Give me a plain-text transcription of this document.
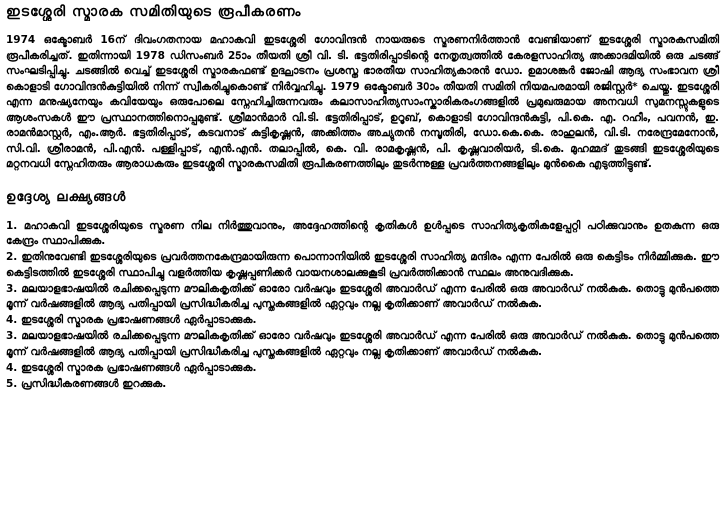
ഇടശ്ശേരി സ്മാരക സമിതിയുടെ രൂപീകരണം

1974 ഒക്ടോബർ 16ന് ദിവംഗതനായ മഹാകവി ഇടശ്ശേരി ഗോവിന്ദൻ നായരുടെ സ്മരണനിർത്താൻ വേണ്ടിയാണ് ഇടശ്ശേരി സ്മാരകസമിതി രൂപീകരിച്ചത്. ഇതിന്നായി 1978 ഡിസംബർ 25ാം തീയതി ശ്രീ വി. ടി. ഭട്ടതിരിപ്പാടിന്റെ നേതൃത്വത്തിൽ കേരളസാഹിത്യ അക്കാദമിയിൽ ഒരു ചടങ്ങ് സംഘടിപ്പിച്ചു. ചടങ്ങിൽ വെച്ച് ഇടശ്ശേരി സ്മാരകഫണ്ട് ഉദ്ഘാടനം പ്രശസ്ത ഭാരതീയ സാഹിത്യകാരൻ ഡോ. ഉമാശങ്കർ ജോഷി ആദ്യ സംഭാവന ശ്രീ കൊളാടി ഗോവിന്ദൻകുട്ടിയിൽ നിന്ന് സ്വീകരിച്ചുകൊണ്ട് നിർവ്വഹിച്ചു. 1979 ഒക്ടോബർ 30ാം തീയതി സമിതി നിയമപരമായി രജിസ്റ്റർ* ചെയ്തു. ഇടശ്ശേരി എന്ന മനുഷ്യനേയും കവിയേയും ഒരുപോലെ സ്നേഹിച്ചിരുന്നവരും കലാസാഹിത്യസാംസ്കാരികരംഗങ്ങളിൽ പ്രമുഖരുമായ അനവധി സുമനസ്സുകളുടെ ആശംസകൾ ഈ പ്രസ്ഥാനത്തിനൊപ്പമുണ്ട്. ശ്രീമാൻമാർ വി.ടി. ഭട്ടതിരിപ്പാട്, ഉറൂബ്, കൊളാടി ഗോവിന്ദൻകുട്ടി, പി.കെ. എ. റഹീം, പവനൻ, ഇ. രാമൻമാസ്റ്റർ, എം.ആർ. ഭട്ടതിരിപ്പാട്, കടവനാട് കുട്ടികൃഷ്ണൻ, അക്കിത്തം അച്യുതൻ നമ്പൂതിരി, ഡോ.കെ.കെ. രാഹുലൻ, വി.ടി. നരേന്ദ്രമേനോൻ, സി.വി. ശ്രീരാമൻ, പി.എൻ. പള്ളിപ്പാട്, എൻ.എൻ. തലാപ്പിൽ, കെ. വി. രാമകൃഷ്ണൻ, പി. കൃഷ്ണവാരിയർ, ടി.കെ. മുഹമ്മദ് തുടങ്ങി ഇടശ്ശേരിയുടെ മറ്റനവധി സ്നേഹിതരും ആരാധകരും ഇടശ്ശേരി സ്മാരകസമിതി രൂപീകരണത്തിലും തുടർന്നുള്ള പ്രവർത്തനങ്ങളിലും മുൻകൈ എടുത്തിട്ടുണ്ട്.

ഉദ്ദേശ്യ ലക്ഷ്യങ്ങൾ
1. മഹാകവി ഇടശ്ശേരിയുടെ സ്മരണ നില നിർത്തുവാനും, അദ്ദേഹത്തിന്റെ കൃതികൾ ഉൾപ്പടെ സാഹിത്യകൃതികളേപ്പറ്റി പഠിക്കുവാനും ഉതകുന്ന ഒരു കേന്ദ്രം സ്ഥാപിക്കുക.
2. ഇതിനുവേണ്ടി ഇടശ്ശേരിയുടെ പ്രവർത്തനകേന്ദ്രമായിരുന്ന പൊന്നാനിയിൽ ഇടശ്ശേരി സാഹിത്യ മന്ദിരം എന്ന പേരിൽ ഒരു കെട്ടിടം നിർമ്മിക്കുക. ഈ കെട്ടിടത്തിൽ ഇടശ്ശേരി സ്ഥാപിച്ചു വളർത്തിയ കൃഷ്ണപ്പണിക്കർ വായനശാലക്കുകൂടി പ്രവർത്തിക്കാൻ സ്ഥലം അനുവദിക്കുക.
3. മലയാളഭാഷയിൽ രചിക്കപ്പെടുന്ന മൗലികകൃതിക്ക് ഓരോ വർഷവും ഇടശ്ശേരി അവാർഡ് എന്ന പേരിൽ ഒരു അവാർഡ് നൽകുക. തൊട്ടു മുൻപത്തെ മൂന്ന് വർഷങ്ങളിൽ ആദ്യ പതിപ്പായി പ്രസിദ്ധീകരിച്ച പുസ്തകങ്ങളിൽ ഏറ്റവും നല്ല കൃതിക്കാണ് അവാർഡ് നൽകുക.
4. ഇടശ്ശേരി സ്മാരക പ്രഭാഷണങ്ങൾ ഏർപ്പാടാക്കുക.
3. മലയാളഭാഷയിൽ രചിക്കപ്പെടുന്ന മൗലികകൃതിക്ക് ഓരോ വർഷവും ഇടശ്ശേരി അവാർഡ് എന്ന പേരിൽ ഒരു അവാർഡ് നൽകുക. തൊട്ടു മുൻപത്തെ മൂന്ന് വർഷങ്ങളിൽ ആദ്യ പതിപ്പായി പ്രസിദ്ധീകരിച്ച പുസ്തകങ്ങളിൽ ഏറ്റവും നല്ല കൃതിക്കാണ് അവാർഡ് നൽകുക.
4. ഇടശ്ശേരി സ്മാരക പ്രഭാഷണങ്ങൾ ഏർപ്പാടാക്കുക.
5. പ്രസിദ്ധീകരണങ്ങൾ ഇറക്കുക.
